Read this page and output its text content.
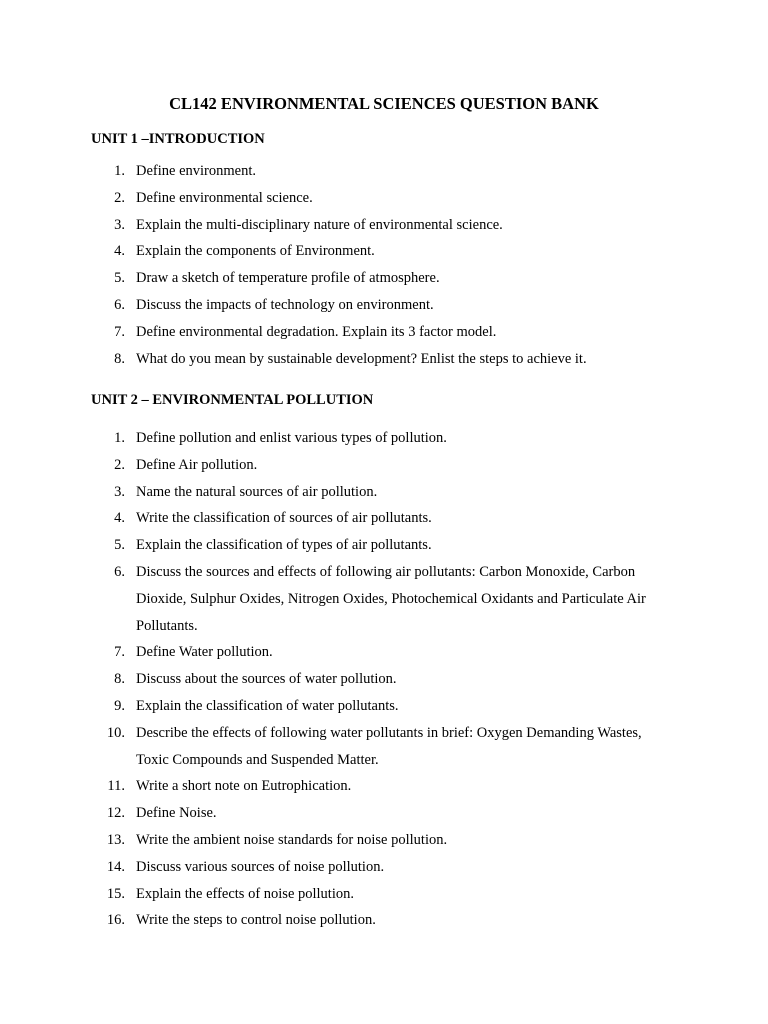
CL142 ENVIRONMENTAL SCIENCES QUESTION BANK
UNIT 1 –INTRODUCTION
1. Define environment.
2. Define environmental science.
3. Explain the multi-disciplinary nature of environmental science.
4. Explain the components of Environment.
5. Draw a sketch of temperature profile of atmosphere.
6. Discuss the impacts of technology on environment.
7. Define environmental degradation. Explain its 3 factor model.
8. What do you mean by sustainable development? Enlist the steps to achieve it.
UNIT 2 – ENVIRONMENTAL POLLUTION
1. Define pollution and enlist various types of pollution.
2. Define Air pollution.
3. Name the natural sources of air pollution.
4. Write the classification of sources of air pollutants.
5. Explain the classification of types of air pollutants.
6. Discuss the sources and effects of following air pollutants: Carbon Monoxide, Carbon Dioxide, Sulphur Oxides, Nitrogen Oxides, Photochemical Oxidants and Particulate Air Pollutants.
7. Define Water pollution.
8. Discuss about the sources of water pollution.
9. Explain the classification of water pollutants.
10. Describe the effects of following water pollutants in brief: Oxygen Demanding Wastes, Toxic Compounds and Suspended Matter.
11. Write a short note on Eutrophication.
12. Define Noise.
13. Write the ambient noise standards for noise pollution.
14. Discuss various sources of noise pollution.
15. Explain the effects of noise pollution.
16. Write the steps to control noise pollution.
